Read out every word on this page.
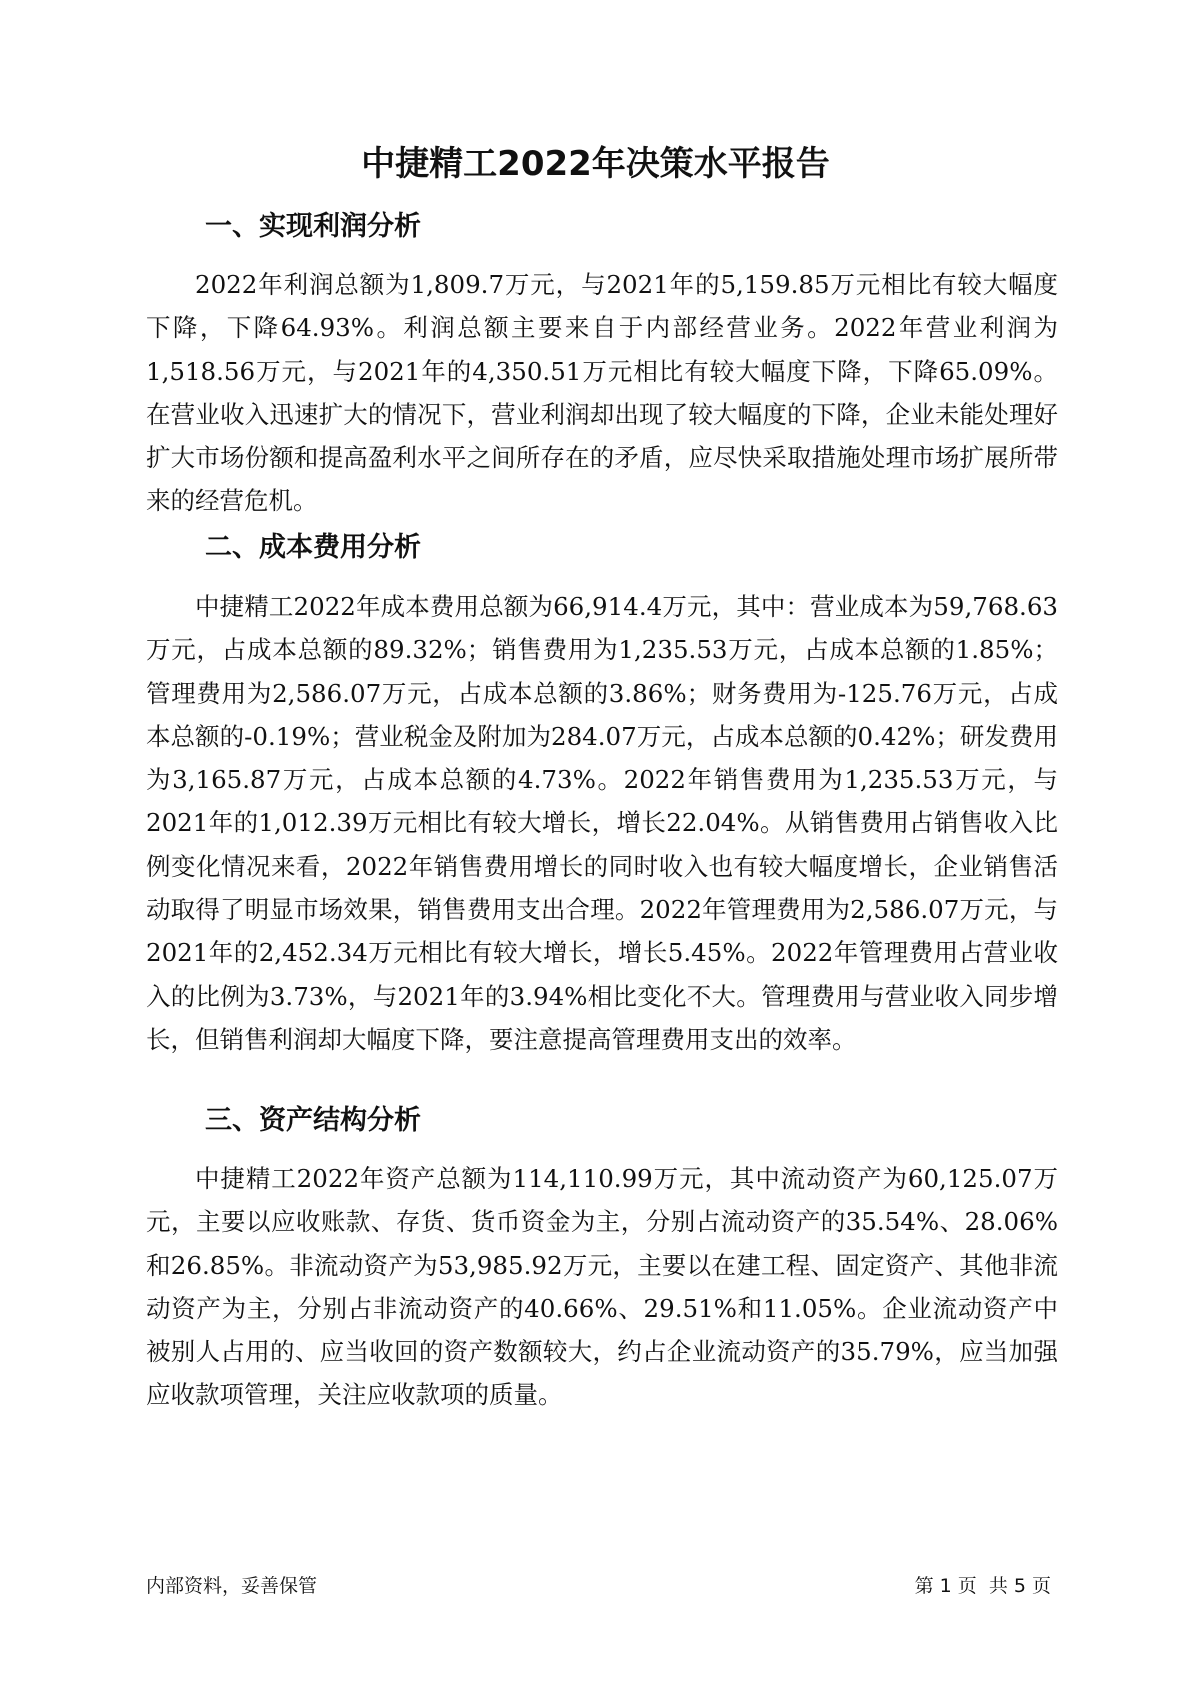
中捷精工2022年决策水平报告
一、实现利润分析

2022年利润总额为1,809.7万元，与2021年的5,159.85万元相比有较大幅度下降，下降64.93%。利润总额主要来自于内部经营业务。2022年营业利润为1,518.56万元，与2021年的4,350.51万元相比有较大幅度下降，下降65.09%。在营业收入迅速扩大的情况下，营业利润却出现了较大幅度的下降，企业未能处理好扩大市场份额和提高盈利水平之间所存在的矛盾，应尽快采取措施处理市场扩展所带来的经营危机。

二、成本费用分析

中捷精工2022年成本费用总额为66,914.4万元，其中：营业成本为59,768.63万元，占成本总额的89.32%；销售费用为1,235.53万元，占成本总额的1.85%；管理费用为2,586.07万元，占成本总额的3.86%；财务费用为-125.76万元，占成本总额的-0.19%；营业税金及附加为284.07万元，占成本总额的0.42%；研发费用为3,165.87万元，占成本总额的4.73%。2022年销售费用为1,235.53万元，与2021年的1,012.39万元相比有较大增长，增长22.04%。从销售费用占销售收入比例变化情况来看，2022年销售费用增长的同时收入也有较大幅度增长，企业销售活动取得了明显市场效果，销售费用支出合理。2022年管理费用为2,586.07万元，与2021年的2,452.34万元相比有较大增长，增长5.45%。2022年管理费用占营业收入的比例为3.73%，与2021年的3.94%相比变化不大。管理费用与营业收入同步增长，但销售利润却大幅度下降，要注意提高管理费用支出的效率。

三、资产结构分析

中捷精工2022年资产总额为114,110.99万元，其中流动资产为60,125.07万元，主要以应收账款、存货、货币资金为主，分别占流动资产的35.54%、28.06%和26.85%。非流动资产为53,985.92万元，主要以在建工程、固定资产、其他非流动资产为主，分别占非流动资产的40.66%、29.51%和11.05%。企业流动资产中被别人占用的、应当收回的资产数额较大，约占企业流动资产的35.79%，应当加强应收款项管理，关注应收款项的质量。

内部资料，妥善保管	第 1 页  共 5 页
